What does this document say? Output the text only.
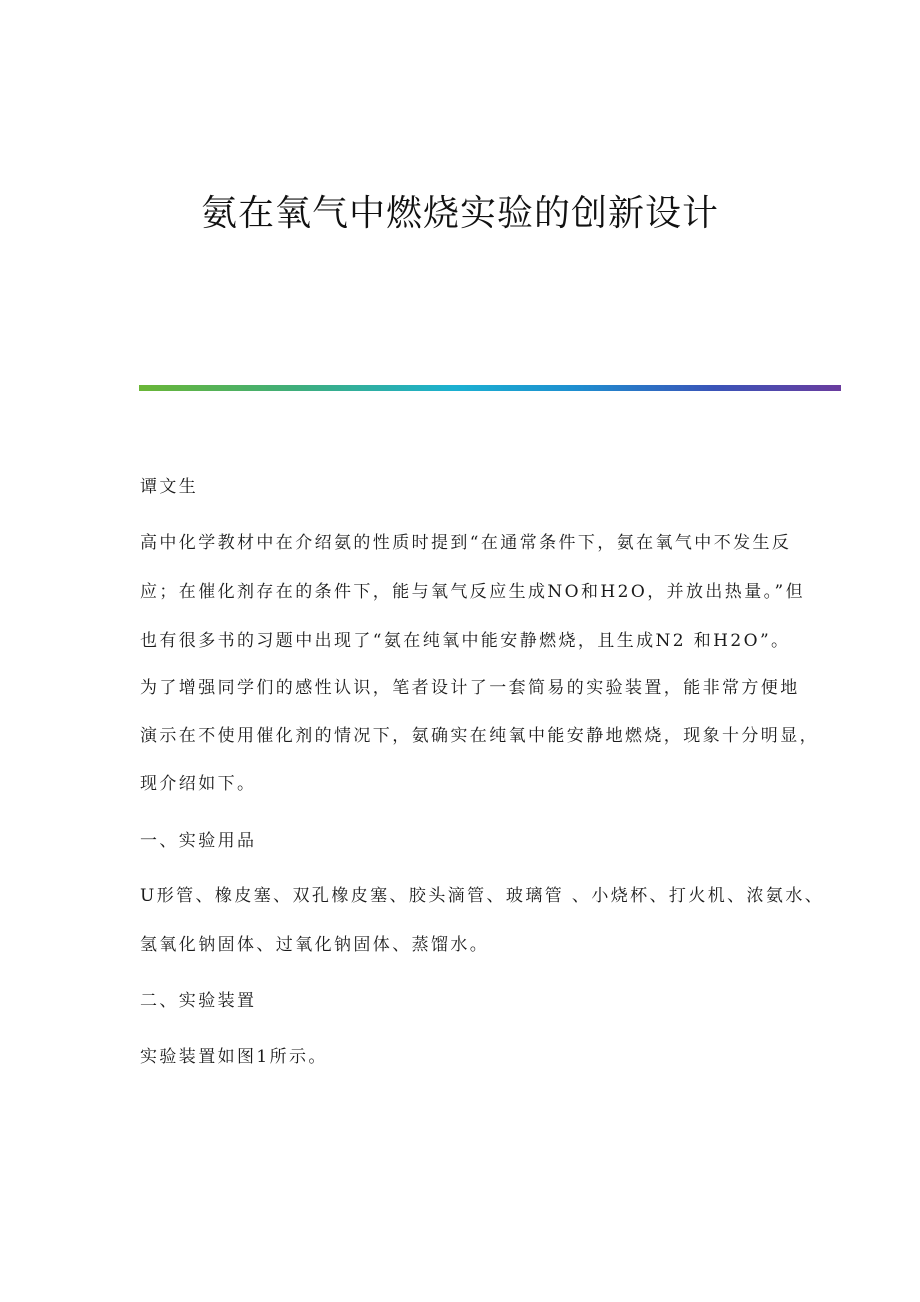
氨在氧气中燃烧实验的创新设计

谭文生

高中化学教材中在介绍氨的性质时提到“在通常条件下，氨在氧气中不发生反

应；在催化剂存在的条件下，能与氧气反应生成NO和H2O，并放出热量。”但

也有很多书的习题中出现了“氨在纯氧中能安静燃烧，且生成N2 和H2O”。

为了增强同学们的感性认识，笔者设计了一套简易的实验装置，能非常方便地

演示在不使用催化剂的情况下，氨确实在纯氧中能安静地燃烧，现象十分明显，

现介绍如下。

一、实验用品

U形管、橡皮塞、双孔橡皮塞、胶头滴管、玻璃管 、小烧杯、打火机、浓氨水、

氢氧化钠固体、过氧化钠固体、蒸馏水。

二、实验装置

实验装置如图1所示。
